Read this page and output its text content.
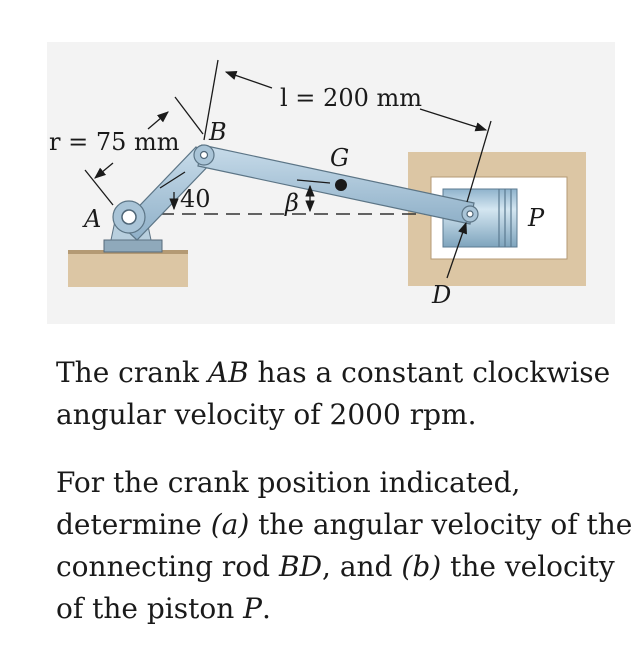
r = 75 mm
l = 200 mm
40	β
A
B
G
D
P

The crank AB has a constant clockwise angular velocity of 2000 rpm.

For the crank position indicated, determine (a) the angular velocity of the connecting rod BD, and (b) the velocity of the piston P.
